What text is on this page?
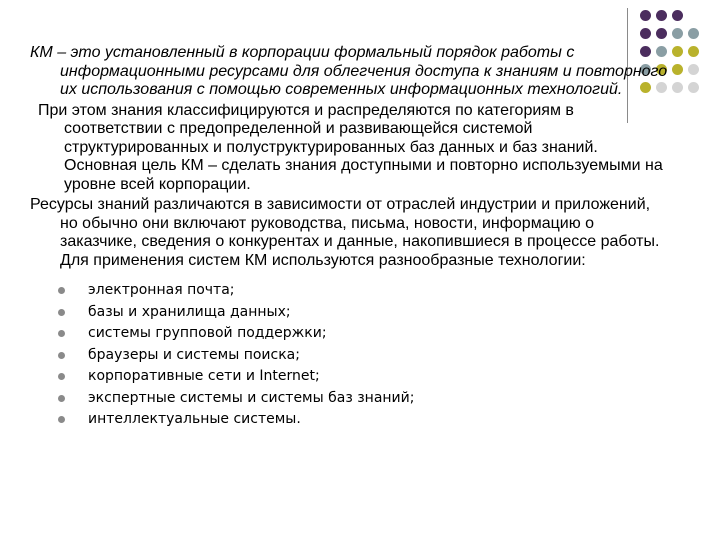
КМ – это установленный в корпорации формальный порядок работы с информационными ресурсами для облегчения доступа к знаниям и повторного их использования с помощью современных информационных технологий.

При этом знания классифицируются и распределяются по категориям в соответствии с предопределенной и развивающейся системой структурированных и полуструктурированных баз данных и баз знаний. Основная цель КМ – сделать знания доступными и повторно используемыми на уровне всей корпорации.

Ресурсы знаний различаются в зависимости от отраслей индустрии и приложений, но обычно они включают руководства, письма, новости, информацию о заказчике, сведения о конкурентах и данные, накопившиеся в процессе работы. Для применения систем КМ используются разнообразные технологии:

электронная почта;
базы и хранилища данных;
системы групповой поддержки;
браузеры и системы поиска;
корпоративные сети и Internet;
экспертные системы и системы баз знаний;
интеллектуальные системы.
